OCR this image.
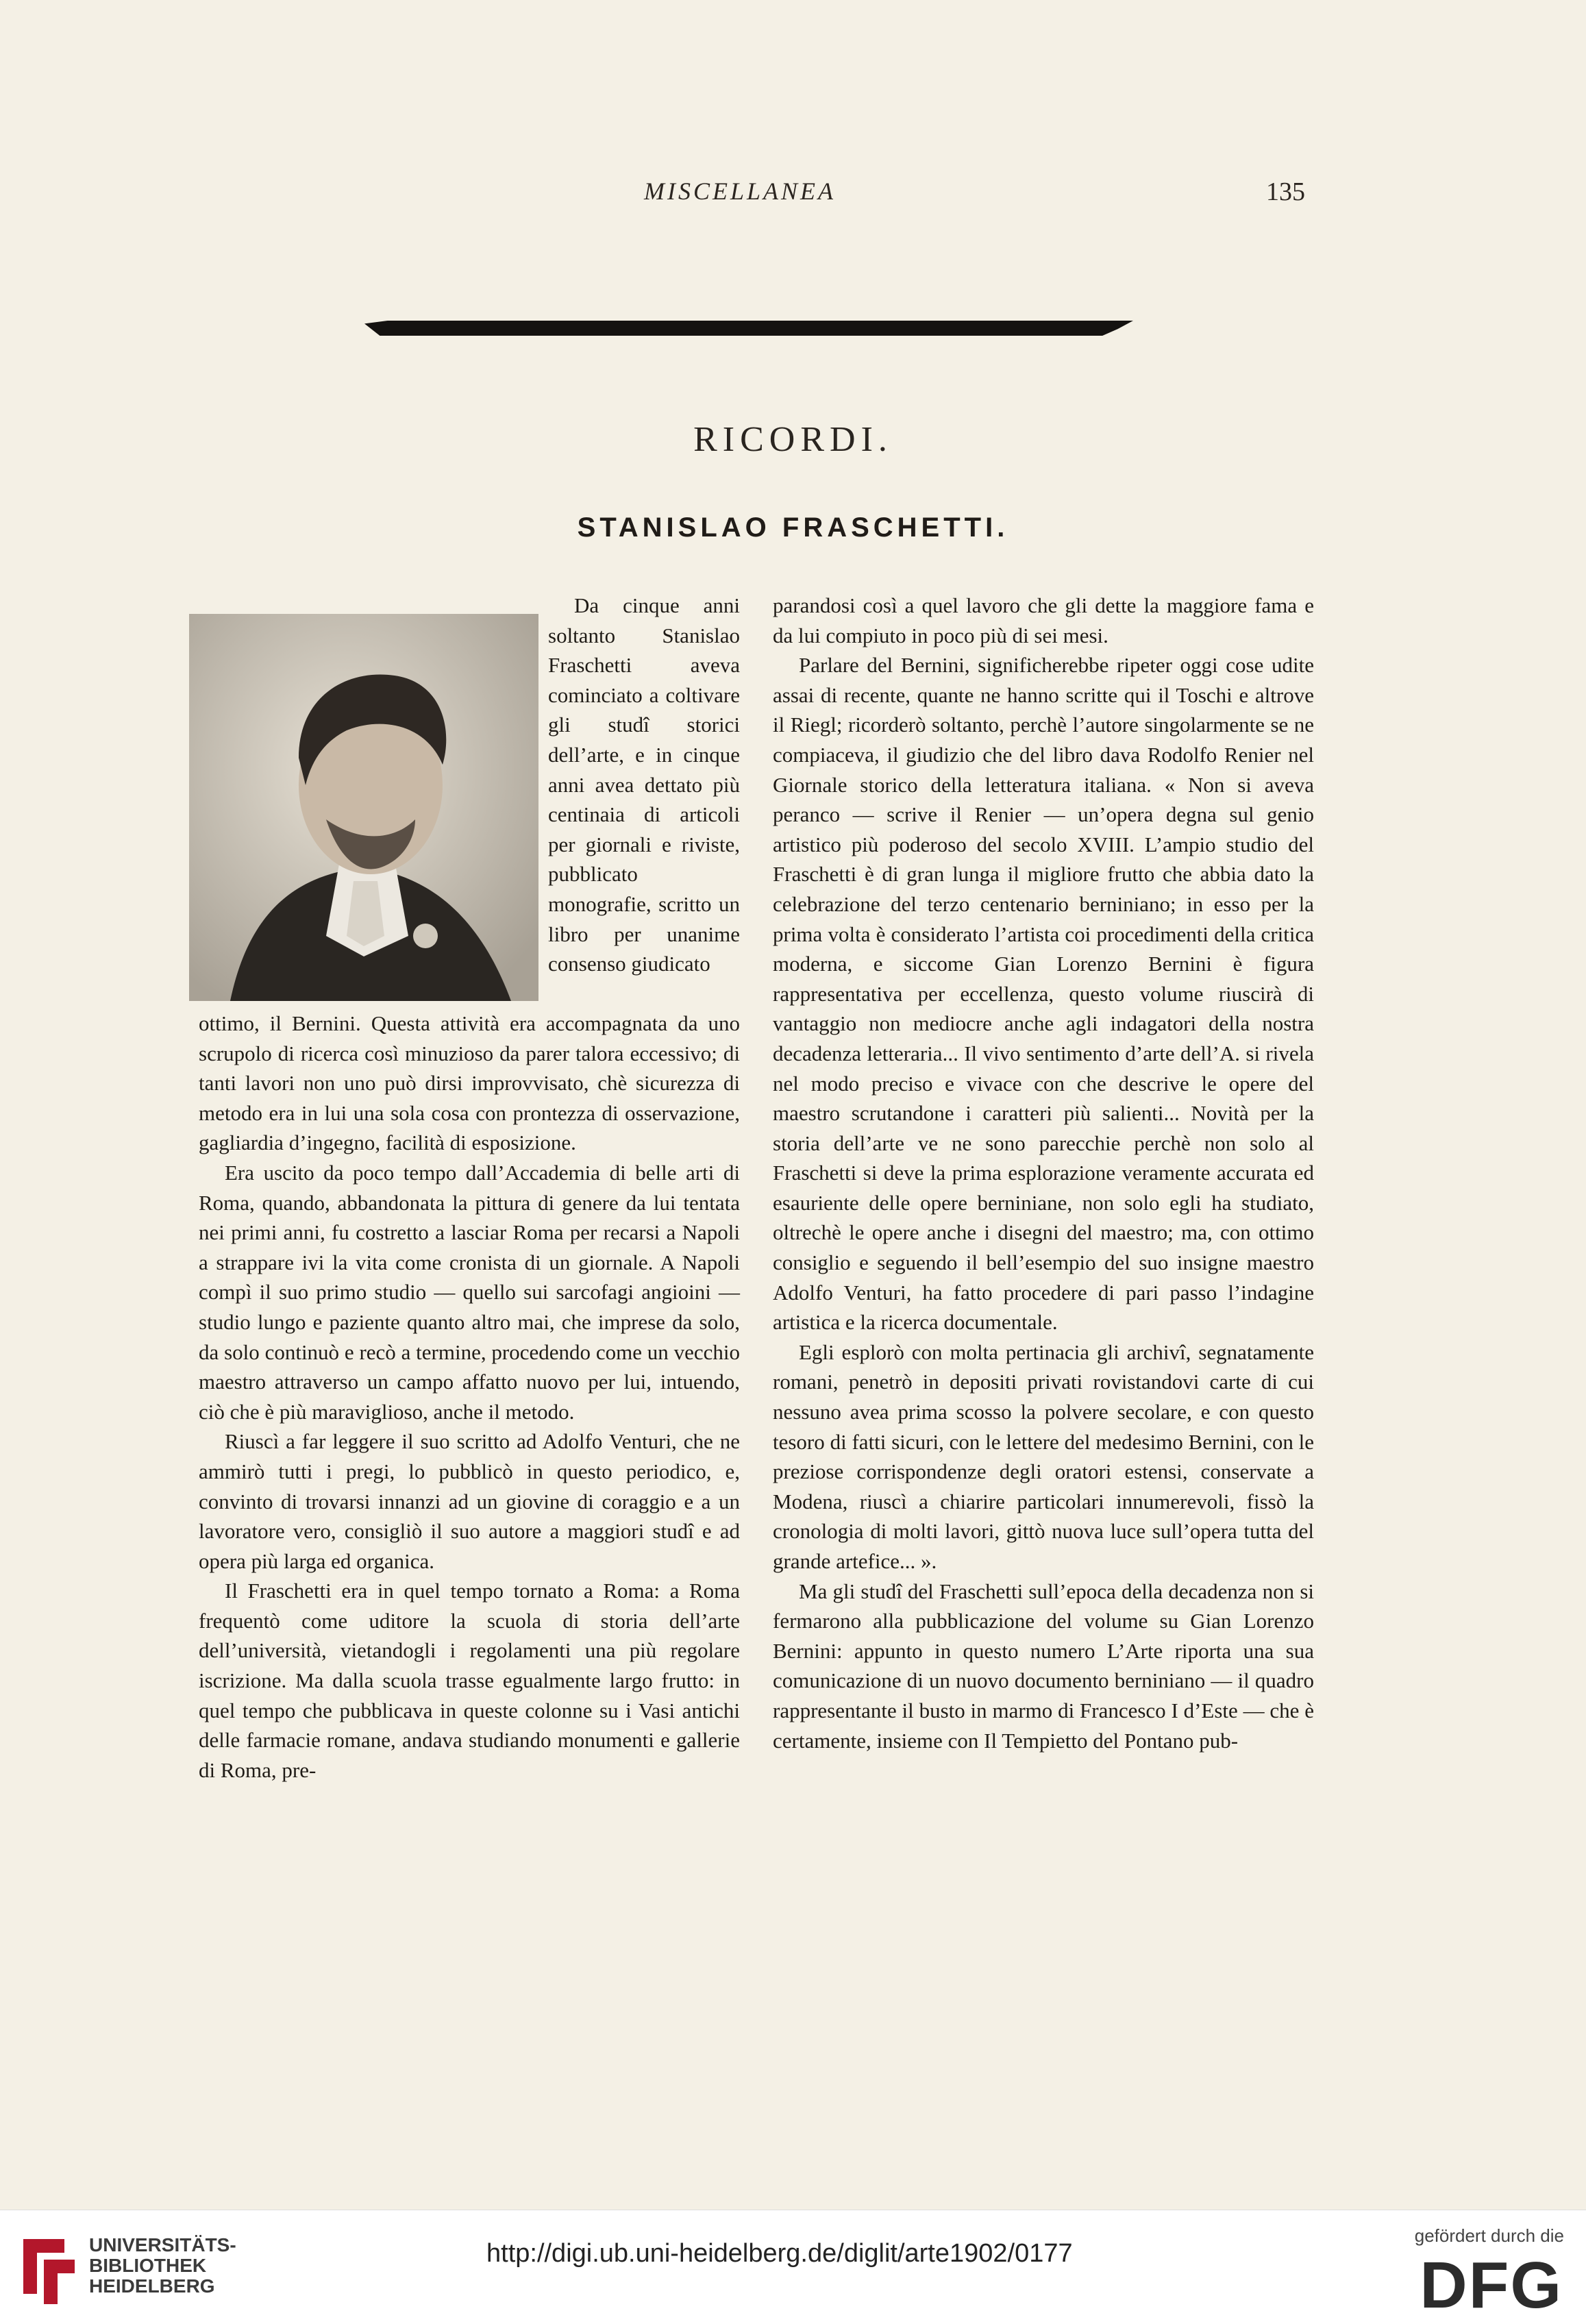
MISCELLANEA	135
RICORDI.
STANISLAO FRASCHETTI.

Da cinque anni soltanto Stanislao Fraschetti aveva cominciato a coltivare gli studî storici dell’arte, e in cinque anni avea dettato più centinaia di articoli per giornali e riviste, pubblicato monografie, scritto un libro per unanime consenso giudicato

ottimo, il Bernini. Questa attività era accompagnata da uno scrupolo di ricerca così minuzioso da parer talora eccessivo; di tanti lavori non uno può dirsi improvvisato, chè sicurezza di metodo era in lui una sola cosa con prontezza di osservazione, gagliardia d’ingegno, facilità di esposizione.

Era uscito da poco tempo dall’Accademia di belle arti di Roma, quando, abbandonata la pittura di genere da lui tentata nei primi anni, fu costretto a lasciar Roma per recarsi a Napoli a strappare ivi la vita come cronista di un giornale. A Napoli compì il suo primo studio — quello sui sarcofagi angioini — studio lungo e paziente quanto altro mai, che imprese da solo, da solo continuò e recò a termine, procedendo come un vecchio maestro attraverso un campo affatto nuovo per lui, intuendo, ciò che è più maraviglioso, anche il metodo.

Riuscì a far leggere il suo scritto ad Adolfo Venturi, che ne ammirò tutti i pregi, lo pubblicò in questo periodico, e, convinto di trovarsi innanzi ad un giovine di coraggio e a un lavoratore vero, consigliò il suo autore a maggiori studî e ad opera più larga ed organica.

Il Fraschetti era in quel tempo tornato a Roma: a Roma frequentò come uditore la scuola di storia dell’arte dell’università, vietandogli i regolamenti una più regolare iscrizione. Ma dalla scuola trasse egualmente largo frutto: in quel tempo che pubblicava in queste colonne su i Vasi antichi delle farmacie romane, andava studiando monumenti e gallerie di Roma, pre-

parandosi così a quel lavoro che gli dette la maggiore fama e da lui compiuto in poco più di sei mesi.

Parlare del Bernini, significherebbe ripeter oggi cose udite assai di recente, quante ne hanno scritte qui il Toschi e altrove il Riegl; ricorderò soltanto, perchè l’autore singolarmente se ne compiaceva, il giudizio che del libro dava Rodolfo Renier nel Giornale storico della letteratura italiana. « Non si aveva peranco — scrive il Renier — un’opera degna sul genio artistico più poderoso del secolo XVIII. L’ampio studio del Fraschetti è di gran lunga il migliore frutto che abbia dato la celebrazione del terzo centenario berniniano; in esso per la prima volta è considerato l’artista coi procedimenti della critica moderna, e siccome Gian Lorenzo Bernini è figura rappresentativa per eccellenza, questo volume riuscirà di vantaggio non mediocre anche agli indagatori della nostra decadenza letteraria... Il vivo sentimento d’arte dell’A. si rivela nel modo preciso e vivace con che descrive le opere del maestro scrutandone i caratteri più salienti... Novità per la storia dell’arte ve ne sono parecchie perchè non solo al Fraschetti si deve la prima esplorazione veramente accurata ed esauriente delle opere berniniane, non solo egli ha studiato, oltrechè le opere anche i disegni del maestro; ma, con ottimo consiglio e seguendo il bell’esempio del suo insigne maestro Adolfo Venturi, ha fatto procedere di pari passo l’indagine artistica e la ricerca documentale.

Egli esplorò con molta pertinacia gli archivî, segnatamente romani, penetrò in depositi privati rovistandovi carte di cui nessuno avea prima scosso la polvere secolare, e con questo tesoro di fatti sicuri, con le lettere del medesimo Bernini, con le preziose corrispondenze degli oratori estensi, conservate a Modena, riuscì a chiarire particolari innumerevoli, fissò la cronologia di molti lavori, gittò nuova luce sull’opera tutta del grande artefice... ».

Ma gli studî del Fraschetti sull’epoca della decadenza non si fermarono alla pubblicazione del volume su Gian Lorenzo Bernini: appunto in questo numero L’Arte riporta una sua comunicazione di un nuovo documento berniniano — il quadro rappresentante il busto in marmo di Francesco I d’Este — che è certamente, insieme con Il Tempietto del Pontano pub-

UNIVERSITÄTS-
BIBLIOTHEK
HEIDELBERG
http://digi.ub.uni-heidelberg.de/diglit/arte1902/0177
gefördert durch die
DFG
